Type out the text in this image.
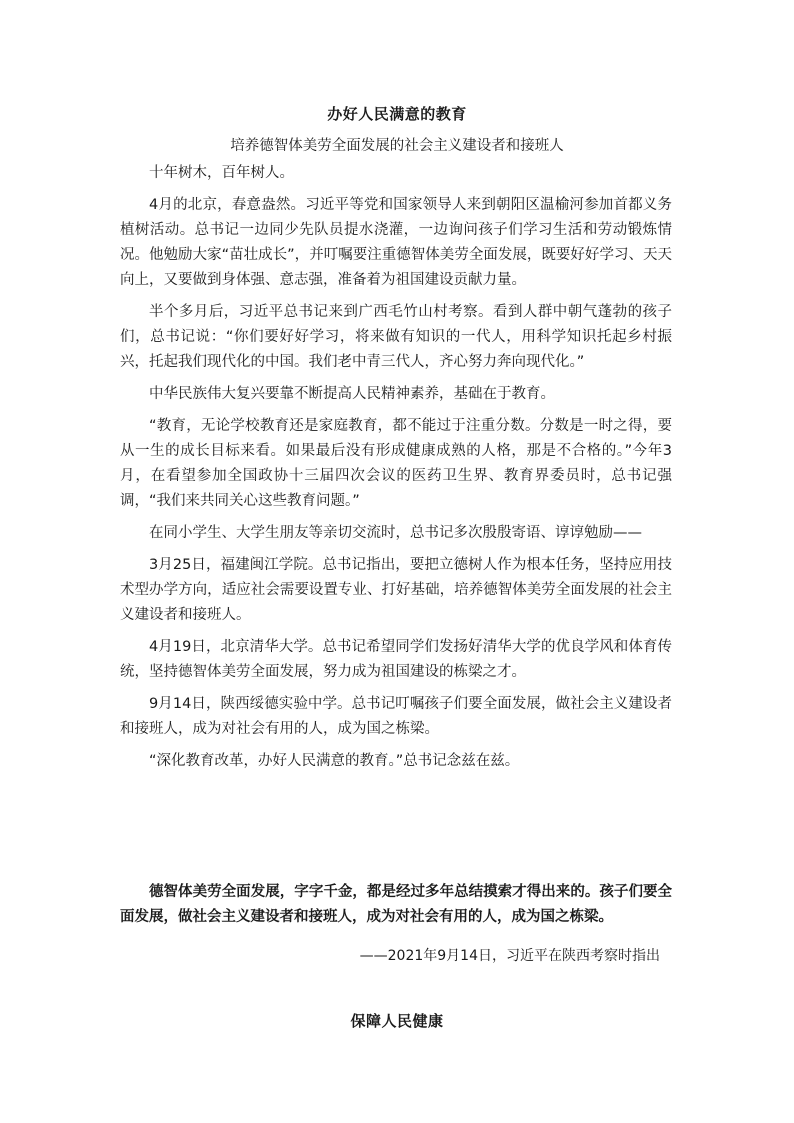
办好人民满意的教育
培养德智体美劳全面发展的社会主义建设者和接班人

十年树木，百年树人。

4月的北京，春意盎然。习近平等党和国家领导人来到朝阳区温榆河参加首都义务植树活动。总书记一边同少先队员提水浇灌，一边询问孩子们学习生活和劳动锻炼情况。他勉励大家“苗壮成长”，并叮嘱要注重德智体美劳全面发展，既要好好学习、天天向上，又要做到身体强、意志强，准备着为祖国建设贡献力量。

半个多月后，习近平总书记来到广西毛竹山村考察。看到人群中朝气蓬勃的孩子们，总书记说：“你们要好好学习，将来做有知识的一代人，用科学知识托起乡村振兴，托起我们现代化的中国。我们老中青三代人，齐心努力奔向现代化。”

中华民族伟大复兴要靠不断提高人民精神素养，基础在于教育。

“教育，无论学校教育还是家庭教育，都不能过于注重分数。分数是一时之得，要从一生的成长目标来看。如果最后没有形成健康成熟的人格，那是不合格的。”今年3月，在看望参加全国政协十三届四次会议的医药卫生界、教育界委员时，总书记强调，“我们来共同关心这些教育问题。”

在同小学生、大学生朋友等亲切交流时，总书记多次殷殷寄语、谆谆勉励——

3月25日，福建闽江学院。总书记指出，要把立德树人作为根本任务，坚持应用技术型办学方向，适应社会需要设置专业、打好基础，培养德智体美劳全面发展的社会主义建设者和接班人。

4月19日，北京清华大学。总书记希望同学们发扬好清华大学的优良学风和体育传统，坚持德智体美劳全面发展，努力成为祖国建设的栋梁之才。

9月14日，陕西绥德实验中学。总书记叮嘱孩子们要全面发展，做社会主义建设者和接班人，成为对社会有用的人，成为国之栋梁。

“深化教育改革，办好人民满意的教育。”总书记念兹在兹。

德智体美劳全面发展，字字千金，都是经过多年总结摸索才得出来的。孩子们要全面发展，做社会主义建设者和接班人，成为对社会有用的人，成为国之栋梁。
——2021年9月14日，习近平在陕西考察时指出
保障人民健康
